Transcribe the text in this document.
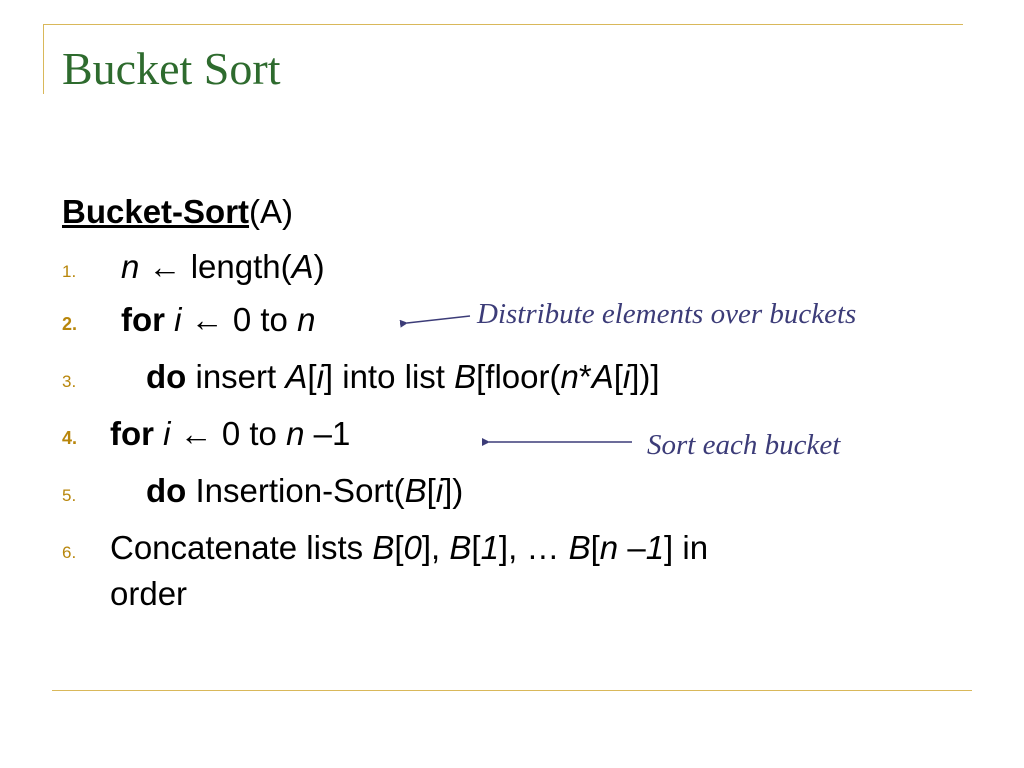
Bucket Sort
Bucket-Sort(A)
1. n ← length(A)
2. for i ← 0 to n
3. do insert A[i] into list B[floor(n*A[i])]
4. for i ← 0 to n –1
5. do Insertion-Sort(B[i])
6. Concatenate lists B[0], B[1], … B[n –1] in
order
Distribute elements over buckets
Sort each bucket
